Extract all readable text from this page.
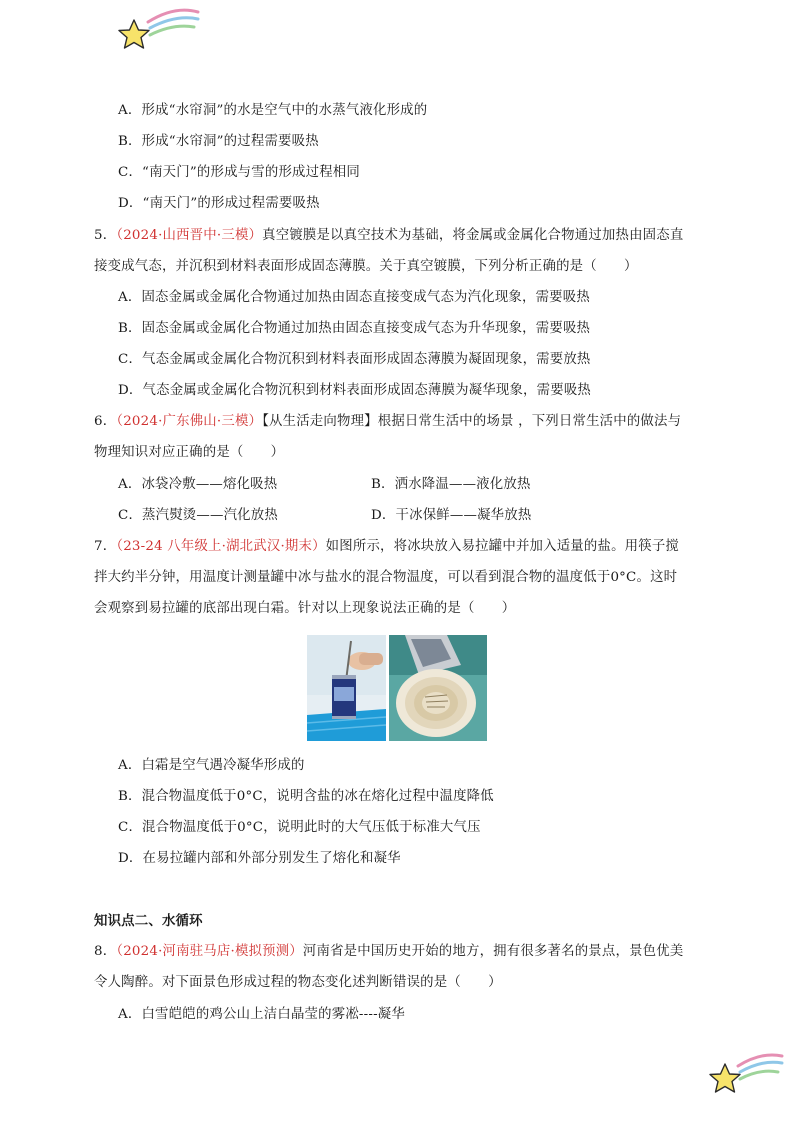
A．形成“水帘洞”的水是空气中的水蒸气液化形成的
B．形成“水帘洞”的过程需要吸热
C．“南天门”的形成与雪的形成过程相同
D．“南天门”的形成过程需要吸热
5．（2024·山西晋中·三模）真空镀膜是以真空技术为基础，将金属或金属化合物通过加热由固态直
接变成气态，并沉积到材料表面形成固态薄膜。关于真空镀膜，下列分析正确的是（　　）
A．固态金属或金属化合物通过加热由固态直接变成气态为汽化现象，需要吸热
B．固态金属或金属化合物通过加热由固态直接变成气态为升华现象，需要吸热
C．气态金属或金属化合物沉积到材料表面形成固态薄膜为凝固现象，需要放热
D．气态金属或金属化合物沉积到材料表面形成固态薄膜为凝华现象，需要吸热
6．（2024·广东佛山·三模）【从生活走向物理】根据日常生活中的场景 ，下列日常生活中的做法与
物理知识对应正确的是（　　）
A．冰袋冷敷——熔化吸热	B．洒水降温——液化放热
C．蒸汽熨烫——汽化放热	D．干冰保鲜——凝华放热
7．（23-24 八年级上·湖北武汉·期末）如图所示，将冰块放入易拉罐中并加入适量的盐。用筷子搅
拌大约半分钟，用温度计测量罐中冰与盐水的混合物温度，可以看到混合物的温度低于0°C。这时
会观察到易拉罐的底部出现白霜。针对以上现象说法正确的是（　　）
A．白霜是空气遇冷凝华形成的
B．混合物温度低于0°C，说明含盐的冰在熔化过程中温度降低
C．混合物温度低于0°C，说明此时的大气压低于标准大气压
D．在易拉罐内部和外部分别发生了熔化和凝华
知识点二、水循环
8．（2024·河南驻马店·模拟预测）河南省是中国历史开始的地方，拥有很多著名的景点，景色优美
令人陶醉。对下面景色形成过程的物态变化述判断错误的是（　　）
A．白雪皑皑的鸡公山上洁白晶莹的雾凇----凝华
